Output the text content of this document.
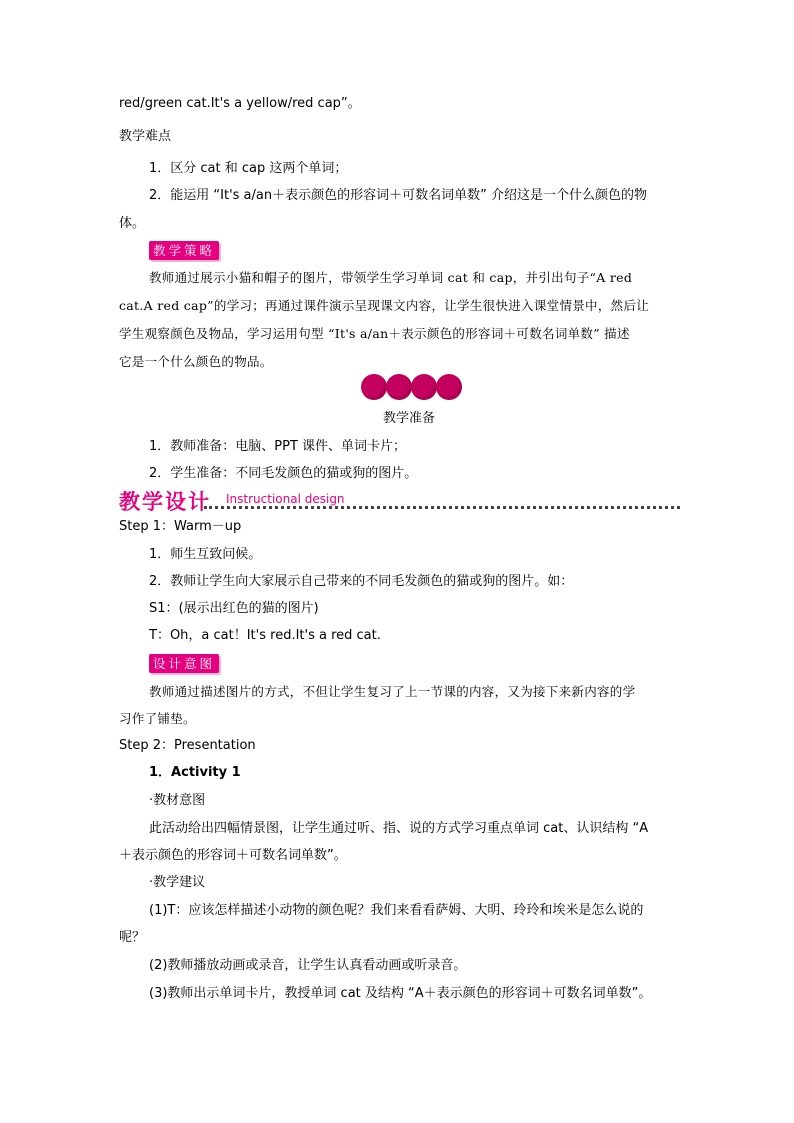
red/green cat.It's a yellow/red cap”。
教学难点
1．区分 cat 和 cap 这两个单词；
2．能运用 “It's a/an＋表示颜色的形容词＋可数名词单数” 介绍这是一个什么颜色的物
体。
教学策略
教师通过展示小猫和帽子的图片，带领学生学习单词 cat 和 cap，并引出句子“A red
cat.A red cap”的学习；再通过课件演示呈现课文内容，让学生很快进入课堂情景中，然后让
学生观察颜色及物品，学习运用句型 “It's a/an＋表示颜色的形容词＋可数名词单数” 描述
它是一个什么颜色的物品。
教学准备
1．教师准备：电脑、PPT 课件、单词卡片；
2．学生准备：不同毛发颜色的猫或狗的图片。
教学设计 Instructional design
Step 1：Warm－up
1．师生互致问候。
2．教师让学生向大家展示自己带来的不同毛发颜色的猫或狗的图片。如：
S1：(展示出红色的猫的图片)
T：Oh，a cat！It's red.It's a red cat.
设计意图
教师通过描述图片的方式，不但让学生复习了上一节课的内容，又为接下来新内容的学
习作了铺垫。
Step 2：Presentation
1．Activity 1
·教材意图
此活动给出四幅情景图，让学生通过听、指、说的方式学习重点单词 cat、认识结构 “A
＋表示颜色的形容词＋可数名词单数”。
·教学建议
(1)T：应该怎样描述小动物的颜色呢？我们来看看萨姆、大明、玲玲和埃米是怎么说的
呢？
(2)教师播放动画或录音，让学生认真看动画或听录音。
(3)教师出示单词卡片，教授单词 cat 及结构 “A＋表示颜色的形容词＋可数名词单数”。
